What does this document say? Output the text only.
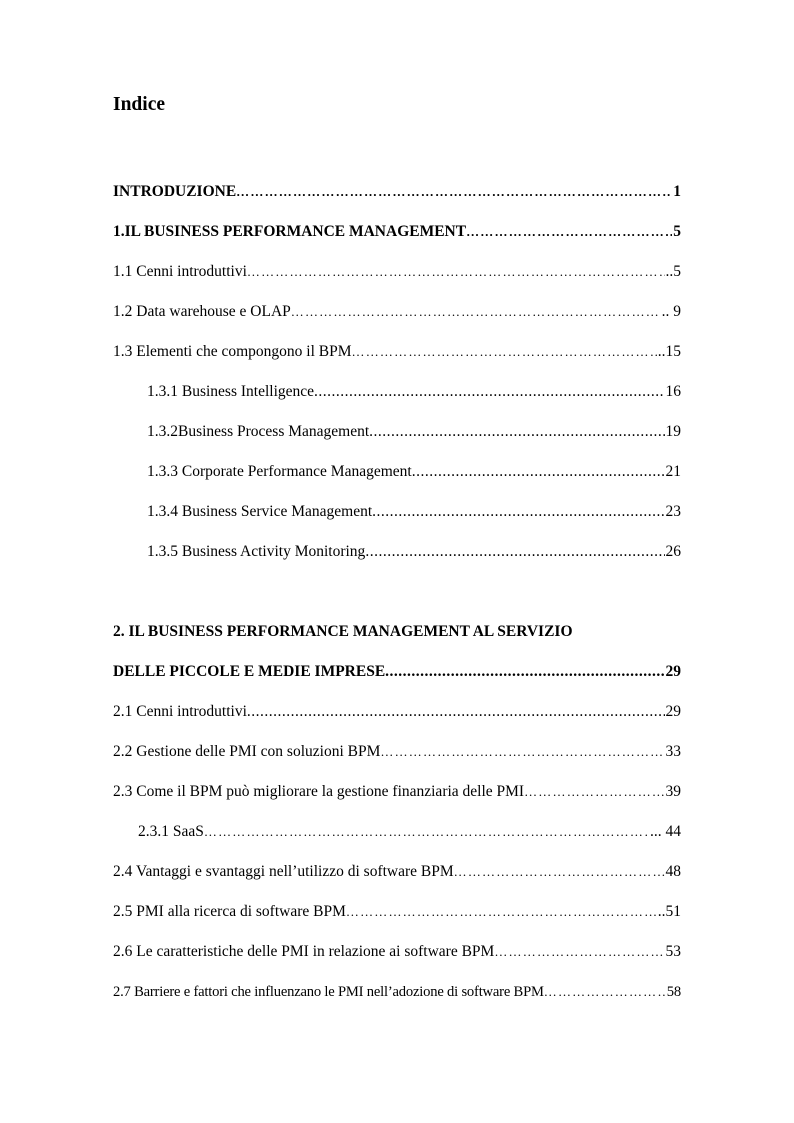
Indice
INTRODUZIONE …………………………………………………………………………………………………………………………………………………………	1
1.IL BUSINESS PERFORMANCE MANAGEMENT …………………………………………………………………………………………………………………………………………………………	5
1.1 Cenni introduttivi …………………………………………………………………………………………………………………………………………………………	..5
1.2 Data warehouse e OLAP …………………………………………………………………………………………………………………………………………………………	.. 9
1.3 Elementi che compongono il BPM …………………………………………………………………………………………………………………………………………………………	..15
1.3.1 Business Intelligence .....	16
1.3.2Business Process Management .....	19
1.3.3 Corporate Performance Management .....	21
1.3.4 Business Service Management .....	23
1.3.5 Business Activity Monitoring .....	26
2. IL BUSINESS PERFORMANCE MANAGEMENT AL SERVIZIO
DELLE PICCOLE E MEDIE IMPRESE .....	29
2.1 Cenni introduttivi .....	29
2.2 Gestione delle PMI con soluzioni BPM …………………………………………………………………………………………………………………………………………………………	33
2.3 Come il BPM può migliorare la gestione finanziaria delle PMI …………………………………………………………………………………………………………………………………………………………	39
2.3.1 SaaS …………………………………………………………………………………………………………………………………………………………	... 44
2.4 Vantaggi e svantaggi nell’utilizzo di software BPM …………………………………………………………………………………………………………………………………………………………	48
2.5 PMI alla ricerca di software BPM …………………………………………………………………………………………………………………………………………………………	..51
2.6 Le caratteristiche delle PMI in relazione ai software BPM …………………………………………………………………………………………………………………………………………………………	53
2.7 Barriere e fattori che influenzano le PMI nell’adozione di software BPM …………………………………………………………………………………………………………………………………………………………	58
